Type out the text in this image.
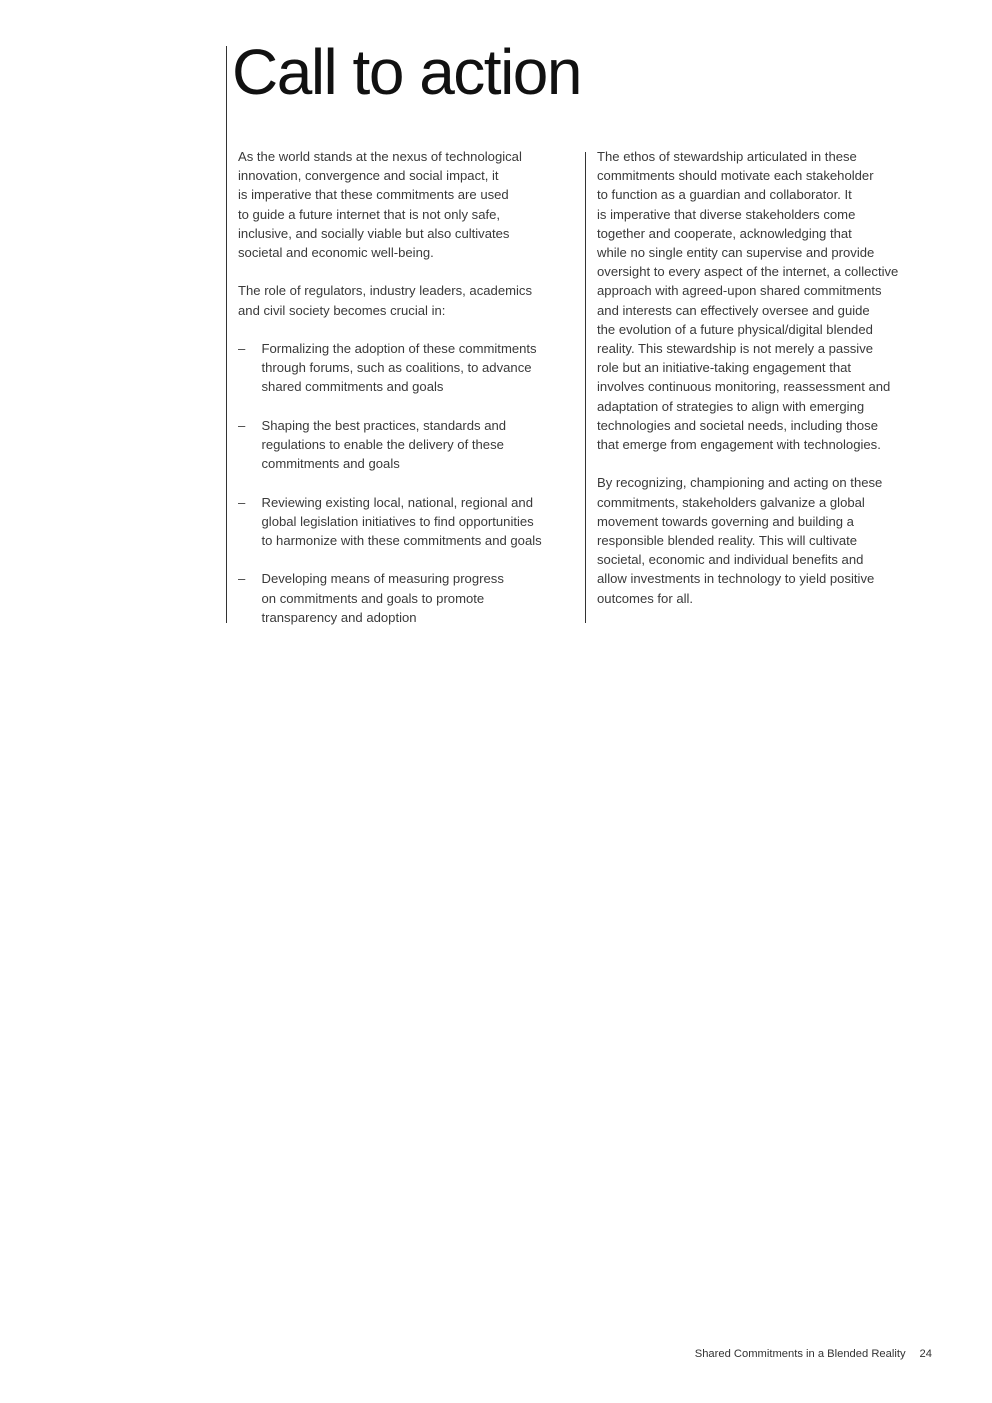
Call to action

As the world stands at the nexus of technological
innovation, convergence and social impact, it
is imperative that these commitments are used
to guide a future internet that is not only safe,
inclusive, and socially viable but also cultivates
societal and economic well-being.

The role of regulators, industry leaders, academics
and civil society becomes crucial in:

– Formalizing the adoption of these commitments
through forums, such as coalitions, to advance
shared commitments and goals
– Shaping the best practices, standards and
regulations to enable the delivery of these
commitments and goals
– Reviewing existing local, national, regional and
global legislation initiatives to find opportunities
to harmonize with these commitments and goals
– Developing means of measuring progress
on commitments and goals to promote
transparency and adoption

The ethos of stewardship articulated in these
commitments should motivate each stakeholder
to function as a guardian and collaborator. It
is imperative that diverse stakeholders come
together and cooperate, acknowledging that
while no single entity can supervise and provide
oversight to every aspect of the internet, a collective
approach with agreed-upon shared commitments
and interests can effectively oversee and guide
the evolution of a future physical/digital blended
reality. This stewardship is not merely a passive
role but an initiative-taking engagement that
involves continuous monitoring, reassessment and
adaptation of strategies to align with emerging
technologies and societal needs, including those
that emerge from engagement with technologies.

By recognizing, championing and acting on these
commitments, stakeholders galvanize a global
movement towards governing and building a
responsible blended reality. This will cultivate
societal, economic and individual benefits and
allow investments in technology to yield positive
outcomes for all.

Shared Commitments in a Blended Reality 24
